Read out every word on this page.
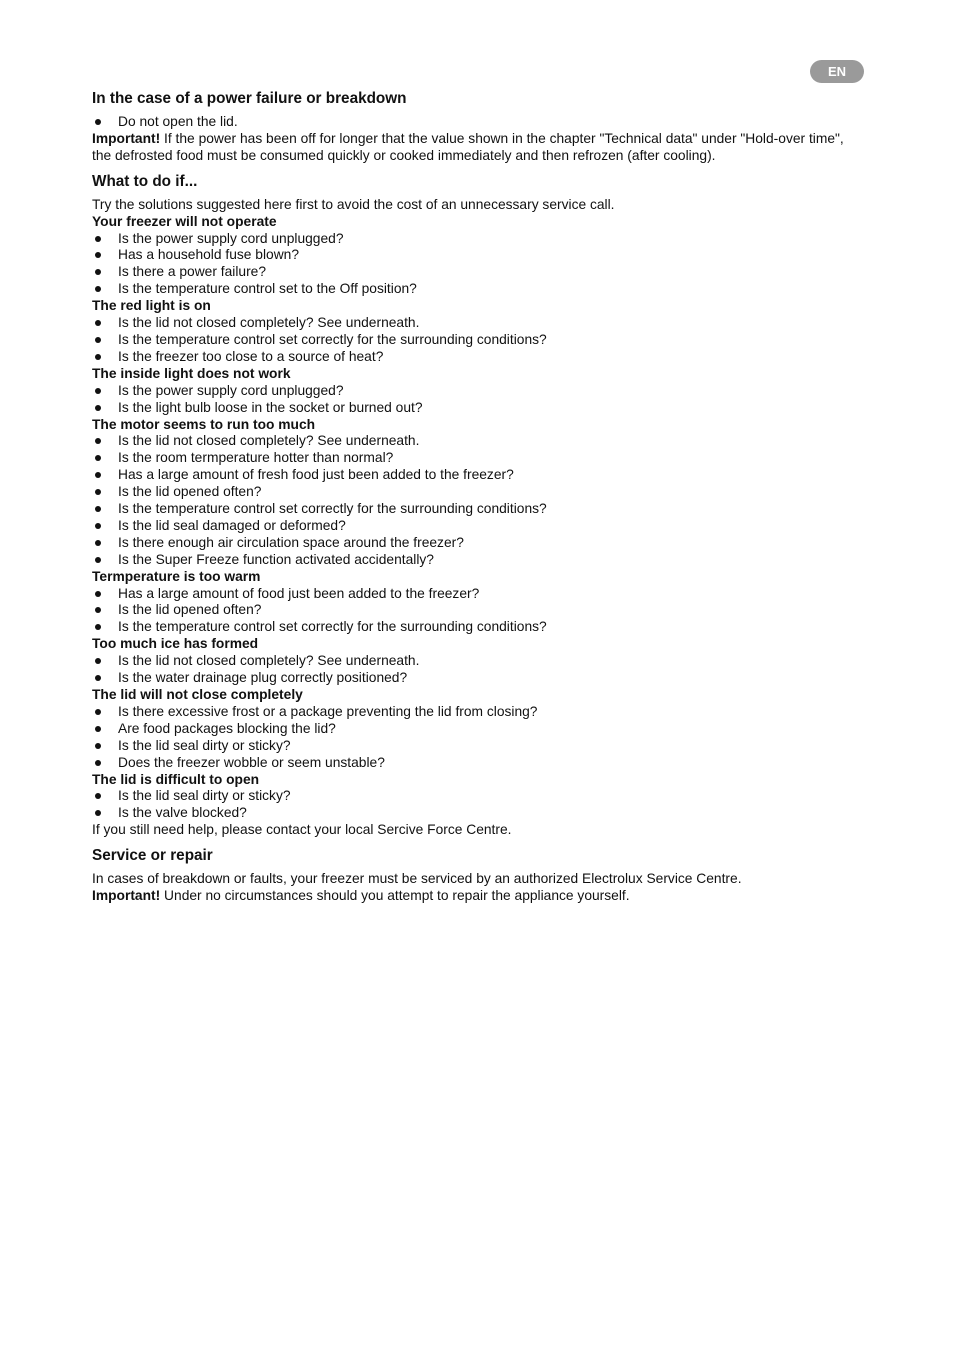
EN
In the case of a power failure or breakdown
Do not open the lid.

Important! If the power has been off for longer that the value shown in the chapter "Technical data" under "Hold-over time", the defrosted food must be consumed quickly or cooked immediately and then refrozen (after cooling).

What to do if...

Try the solutions suggested here first to avoid the cost of an unnecessary service call.

Your freezer will not operate

Is the power supply cord unplugged?
Has a household fuse blown?
Is there a power failure?
Is the temperature control set to the Off position?

The red light is on

Is the lid not closed completely? See underneath.
Is the temperature control set correctly for the surrounding conditions?
Is the freezer too close to a source of heat?

The inside light does not work

Is the power supply cord unplugged?
Is the light bulb loose in the socket or burned out?

The motor seems to run too much

Is the lid not closed completely? See underneath.
Is the room termperature hotter than normal?
Has a large amount of fresh food just been added to the freezer?
Is the lid opened often?
Is the temperature control set correctly for the surrounding conditions?
Is the lid seal damaged or deformed?
Is there enough air circulation space around the freezer?
Is the Super Freeze function activated accidentally?

Termperature is too warm

Has a large amount of food just been added to the freezer?
Is the lid opened often?
Is the temperature control set correctly for the surrounding conditions?

Too much ice has formed

Is the lid not closed completely? See underneath.
Is the water drainage plug correctly positioned?

The lid will not close completely

Is there excessive frost or a package preventing the lid from closing?
Are food packages blocking the lid?
Is the lid seal dirty or sticky?
Does the freezer wobble or seem unstable?

The lid is difficult to open

Is the lid seal dirty or sticky?
Is the valve blocked?

If you still need help, please contact your local Sercive Force Centre.

Service or repair

In cases of breakdown or faults, your freezer must be serviced by an authorized Electrolux Service Centre.

Important! Under no circumstances should you attempt to repair the appliance yourself.
